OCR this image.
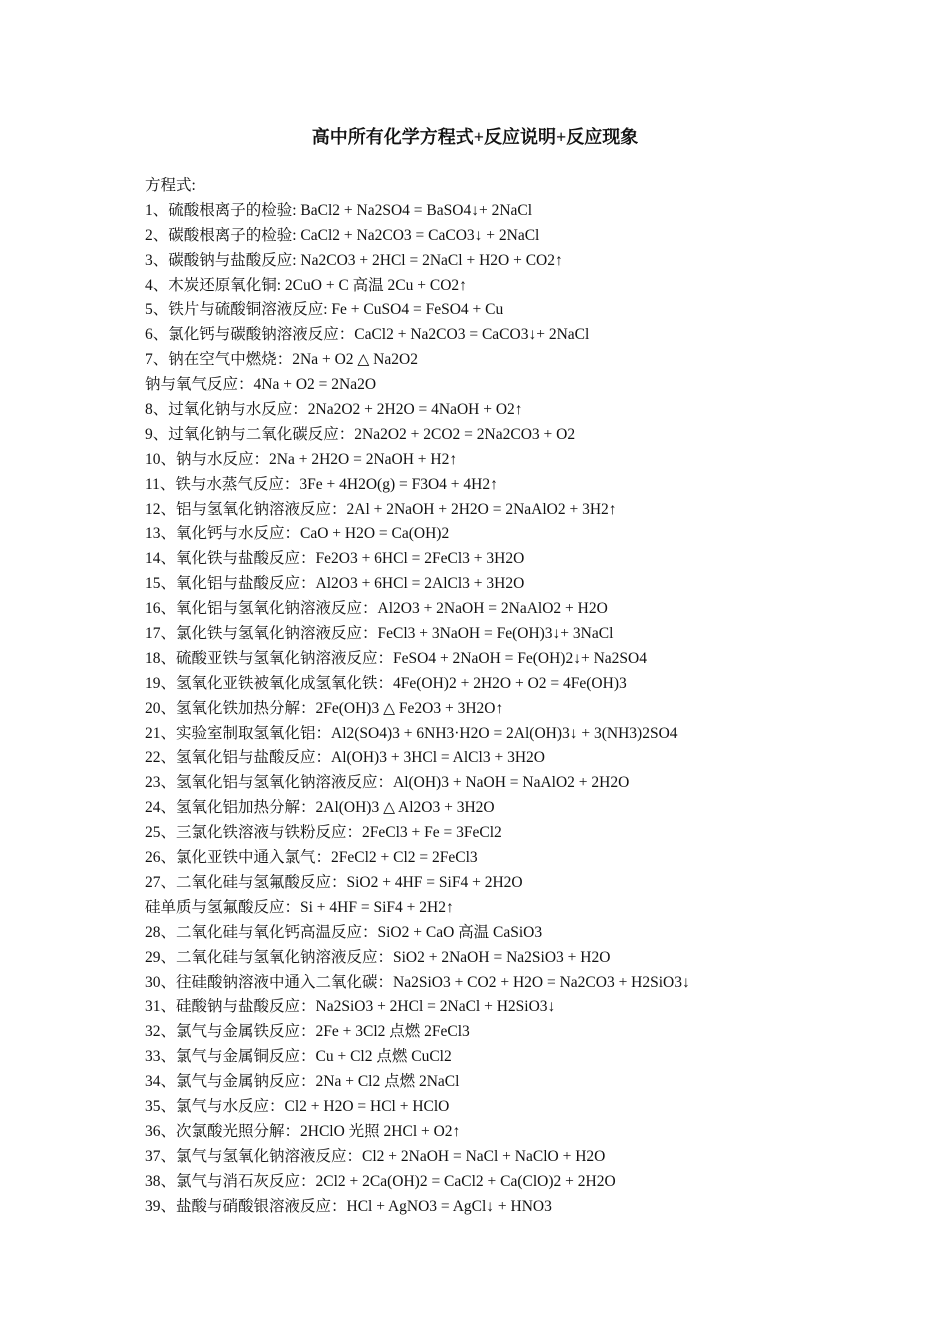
高中所有化学方程式+反应说明+反应现象
方程式:
1、硫酸根离子的检验: BaCl2 + Na2SO4 = BaSO4↓+ 2NaCl
2、碳酸根离子的检验: CaCl2 + Na2CO3 = CaCO3↓ + 2NaCl
3、碳酸钠与盐酸反应: Na2CO3 + 2HCl = 2NaCl + H2O + CO2↑
4、木炭还原氧化铜: 2CuO + C 高温 2Cu + CO2↑
5、铁片与硫酸铜溶液反应: Fe + CuSO4 = FeSO4 + Cu
6、氯化钙与碳酸钠溶液反应：CaCl2 + Na2CO3 = CaCO3↓+ 2NaCl
7、钠在空气中燃烧：2Na + O2 △ Na2O2
钠与氧气反应：4Na + O2 = 2Na2O
8、过氧化钠与水反应：2Na2O2 + 2H2O = 4NaOH + O2↑
9、过氧化钠与二氧化碳反应：2Na2O2 + 2CO2 = 2Na2CO3 + O2
10、钠与水反应：2Na + 2H2O = 2NaOH + H2↑
11、铁与水蒸气反应：3Fe + 4H2O(g) = F3O4 + 4H2↑
12、铝与氢氧化钠溶液反应：2Al + 2NaOH + 2H2O = 2NaAlO2 + 3H2↑
13、氧化钙与水反应：CaO + H2O = Ca(OH)2
14、氧化铁与盐酸反应：Fe2O3 + 6HCl = 2FeCl3 + 3H2O
15、氧化铝与盐酸反应：Al2O3 + 6HCl = 2AlCl3 + 3H2O
16、氧化铝与氢氧化钠溶液反应：Al2O3 + 2NaOH = 2NaAlO2 + H2O
17、氯化铁与氢氧化钠溶液反应：FeCl3 + 3NaOH = Fe(OH)3↓+ 3NaCl
18、硫酸亚铁与氢氧化钠溶液反应：FeSO4 + 2NaOH = Fe(OH)2↓+ Na2SO4
19、氢氧化亚铁被氧化成氢氧化铁：4Fe(OH)2 + 2H2O + O2 = 4Fe(OH)3
20、氢氧化铁加热分解：2Fe(OH)3 △ Fe2O3 + 3H2O↑
21、实验室制取氢氧化铝：Al2(SO4)3 + 6NH3·H2O = 2Al(OH)3↓ + 3(NH3)2SO4
22、氢氧化铝与盐酸反应：Al(OH)3 + 3HCl = AlCl3 + 3H2O
23、氢氧化铝与氢氧化钠溶液反应：Al(OH)3 + NaOH = NaAlO2 + 2H2O
24、氢氧化铝加热分解：2Al(OH)3 △ Al2O3 + 3H2O
25、三氯化铁溶液与铁粉反应：2FeCl3 + Fe = 3FeCl2
26、氯化亚铁中通入氯气：2FeCl2 + Cl2 = 2FeCl3
27、二氧化硅与氢氟酸反应：SiO2 + 4HF = SiF4 + 2H2O
硅单质与氢氟酸反应：Si + 4HF = SiF4 + 2H2↑
28、二氧化硅与氧化钙高温反应：SiO2 + CaO 高温 CaSiO3
29、二氧化硅与氢氧化钠溶液反应：SiO2 + 2NaOH = Na2SiO3 + H2O
30、往硅酸钠溶液中通入二氧化碳：Na2SiO3 + CO2 + H2O = Na2CO3 + H2SiO3↓
31、硅酸钠与盐酸反应：Na2SiO3 + 2HCl = 2NaCl + H2SiO3↓
32、氯气与金属铁反应：2Fe + 3Cl2 点燃 2FeCl3
33、氯气与金属铜反应：Cu + Cl2 点燃 CuCl2
34、氯气与金属钠反应：2Na + Cl2 点燃 2NaCl
35、氯气与水反应：Cl2 + H2O = HCl + HClO
36、次氯酸光照分解：2HClO 光照 2HCl + O2↑
37、氯气与氢氧化钠溶液反应：Cl2 + 2NaOH = NaCl + NaClO + H2O
38、氯气与消石灰反应：2Cl2 + 2Ca(OH)2 = CaCl2 + Ca(ClO)2 + 2H2O
39、盐酸与硝酸银溶液反应：HCl + AgNO3 = AgCl↓ + HNO3
